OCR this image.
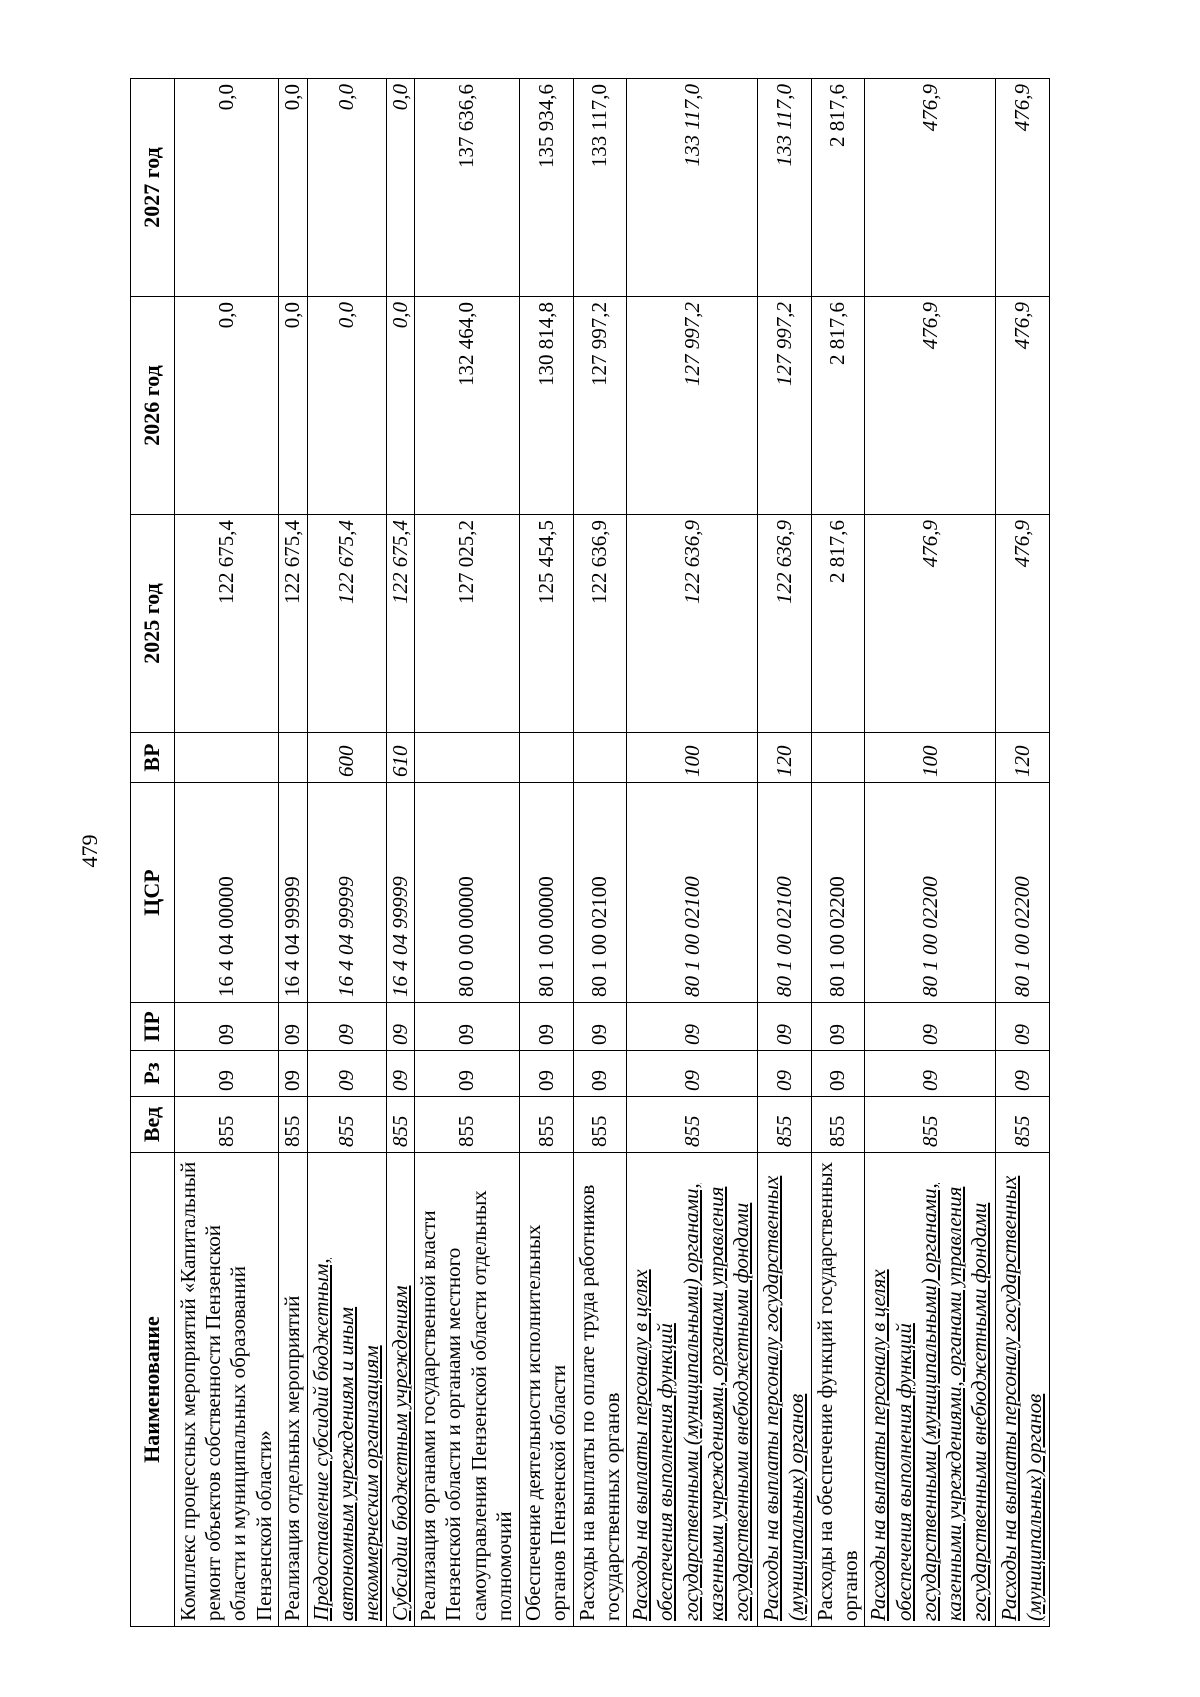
479
Наименование	Вед	Рз	ПР	ЦСР	ВР	2025 год	2026 год	2027 год
Комплекс процессных мероприятий «Капитальный ремонт объектов собственности Пензенской области и муниципальных образований Пензенской области»	855	09	09	16 4 04 00000		122 675,4	0,0	0,0
Реализация отдельных мероприятий	855	09	09	16 4 04 99999		122 675,4	0,0	0,0
Предоставление субсидий бюджетным, автономным учреждениям и иным некоммерческим организациям	855	09	09	16 4 04 99999	600	122 675,4	0,0	0,0
Субсидии бюджетным учреждениям	855	09	09	16 4 04 99999	610	122 675,4	0,0	0,0
Реализация органами государственной власти Пензенской области и органами местного самоуправления Пензенской области отдельных полномочий	855	09	09	80 0 00 00000		127 025,2	132 464,0	137 636,6
Обеспечение деятельности исполнительных органов Пензенской области	855	09	09	80 1 00 00000		125 454,5	130 814,8	135 934,6
Расходы на выплаты по оплате труда работников государственных органов	855	09	09	80 1 00 02100		122 636,9	127 997,2	133 117,0
Расходы на выплаты персоналу в целях обеспечения выполнения функций государственными (муниципальными) органами, казенными учреждениями, органами управления государственными внебюджетными фондами	855	09	09	80 1 00 02100	100	122 636,9	127 997,2	133 117,0
Расходы на выплаты персоналу государственных (муниципальных) органов	855	09	09	80 1 00 02100	120	122 636,9	127 997,2	133 117,0
Расходы на обеспечение функций государственных органов	855	09	09	80 1 00 02200		2 817,6	2 817,6	2 817,6
Расходы на выплаты персоналу в целях обеспечения выполнения функций государственными (муниципальными) органами, казенными учреждениями, органами управления государственными внебюджетными фондами	855	09	09	80 1 00 02200	100	476,9	476,9	476,9
Расходы на выплаты персоналу государственных (муниципальных) органов	855	09	09	80 1 00 02200	120	476,9	476,9	476,9
